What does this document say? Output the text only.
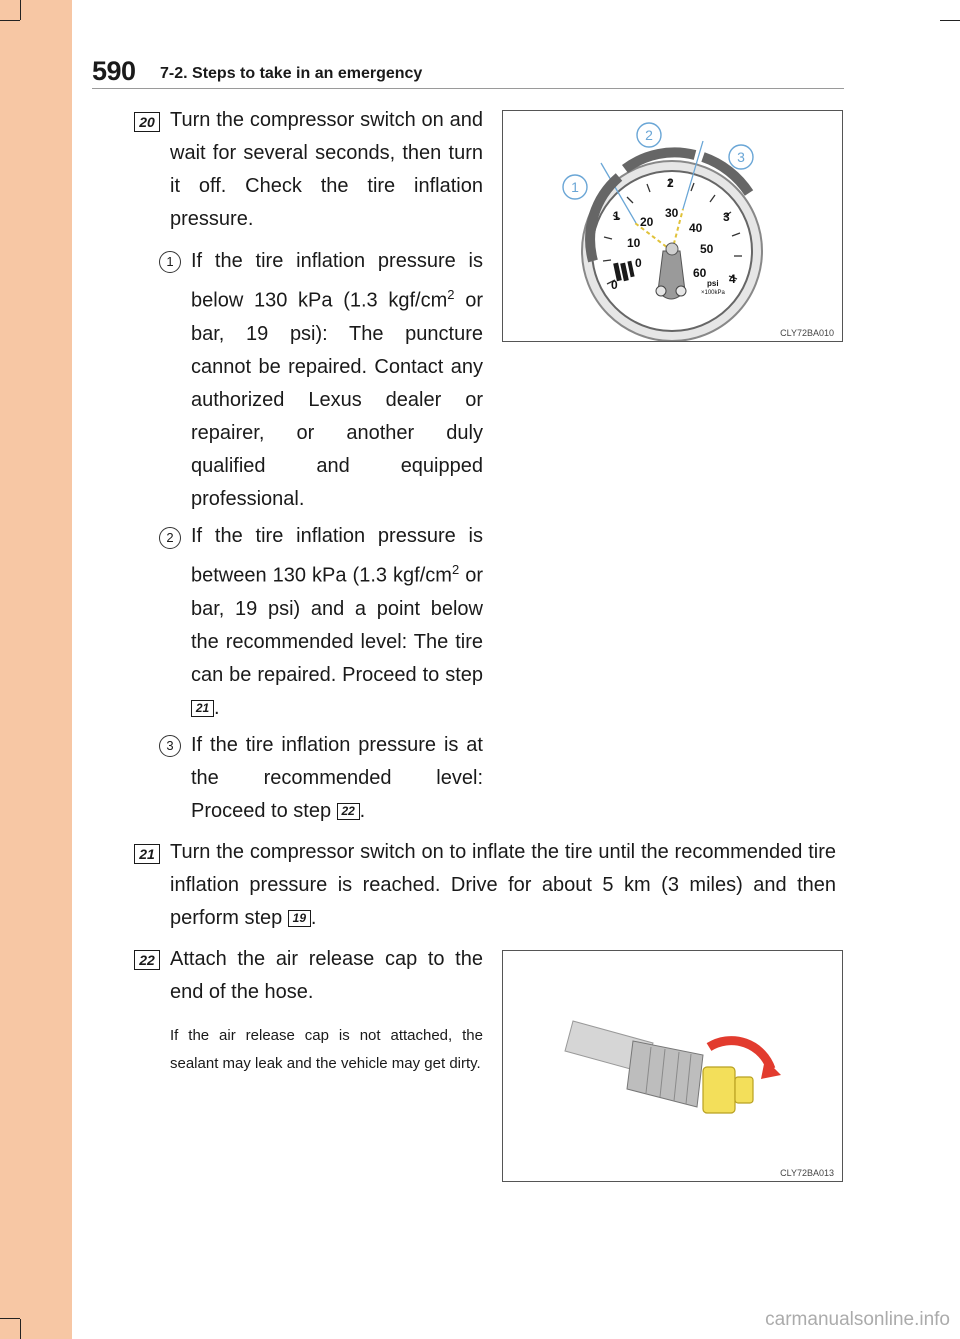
590 7-2. Steps to take in an emergency
20 Turn the compressor switch on and wait for several seconds, then turn it off. Check the tire inflation pressure.
1 If the tire inflation pressure is below 130 kPa (1.3 kgf/$cm^2$ or bar, 19 psi): The puncture cannot be repaired. Contact any authorized Lexus dealer or repairer, or another duly qualified and equipped professional.
2 If the tire inflation pressure is between 130 kPa (1.3 kgf/$cm^2$ or bar, 19 psi) and a point below the recommended level: The tire can be repaired. Proceed to step 21 .
3 If the tire inflation pressure is at the recommended level: Proceed to step 22 .
21 Turn the compressor switch on to inflate the tire until the recommended tire inflation pressure is reached. Drive for about 5 km (3 miles) and then perform step 19 .
22 Attach the air release cap to the end of the hose.
If the air release cap is not attached, the sealant may leak and the vehicle may get dirty.
0
1
2
3
4
0
10
20
30
40
50
60
psi
×100kPa
1
2
3
CLY72BA010
CLY72BA013
carmanualsonline.info
